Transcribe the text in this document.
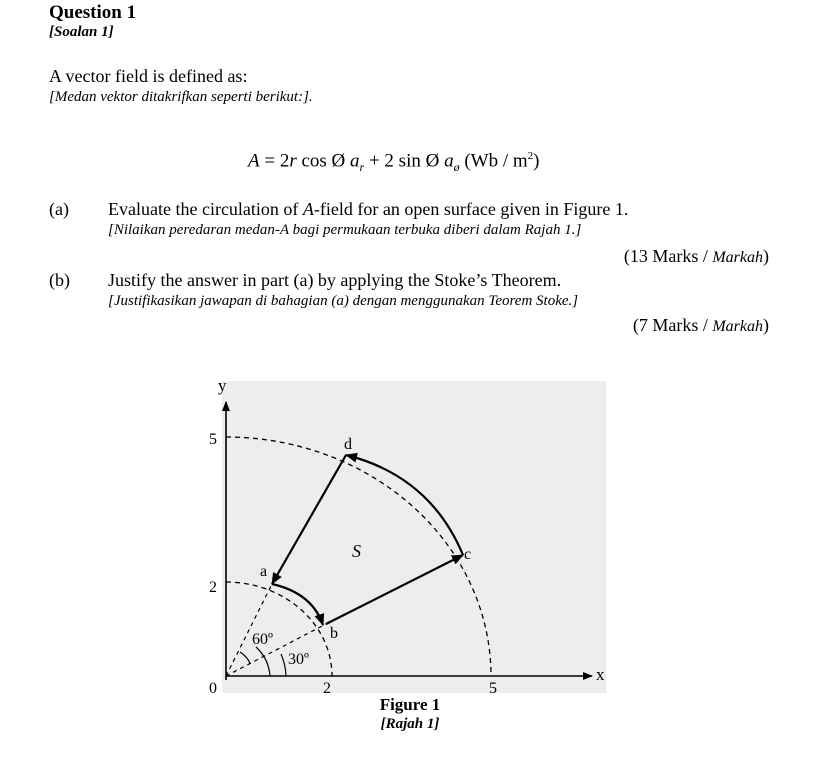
Question 1
[Soalan 1]
A vector field is defined as:
[Medan vektor ditakrifkan seperti berikut:].
A = 2r cos Ø $a_r + 2$ sin Ø $a_ø$ $(Wb / m^2)$
(a) Evaluate the circulation of A-field for an open surface given in Figure 1.
[Nilaikan peredaran medan-A bagi permukaan terbuka diberi dalam Rajah 1.]
(13 Marks / Markah)
(b) Justify the answer in part (a) by applying the Stoke’s Theorem.
[Justifikasikan jawapan di bahagian (a) dengan menggunakan Teorem Stoke.]
(7 Marks / Markah)
y
x
0
5
2
2	5
60º
30º
a
b
c
d
S
Figure 1
[Rajah 1]
